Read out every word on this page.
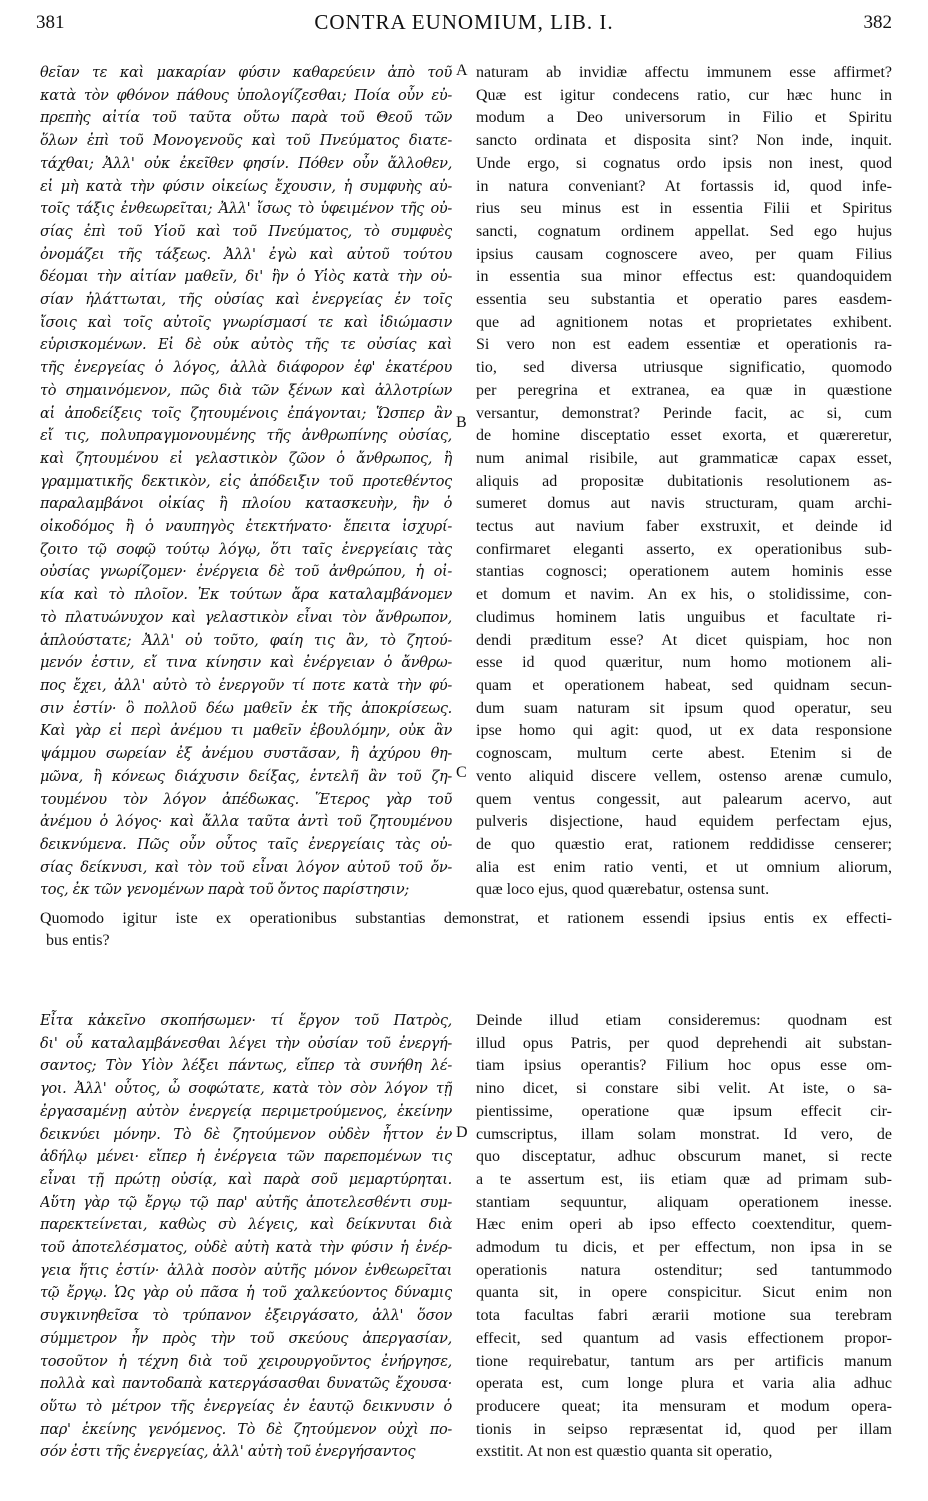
381	CONTRA EUNOMIUM, LIB. I.	382
θεῖαν τε καὶ μακαρίαν φύσιν καθαρεύειν ἀπὸ τοῦ
κατὰ τὸν φθόνον πάθους ὑπολογίζεσθαι; Ποία οὖν εὐ-
πρεπὴς αἰτία τοῦ ταῦτα οὕτω παρὰ τοῦ Θεοῦ τῶν
ὅλων ἐπὶ τοῦ Μονογενοῦς καὶ τοῦ Πνεύματος διατε-
τάχθαι; Ἀλλ' οὐκ ἐκεῖθεν φησίν. Πόθεν οὖν ἄλλοθεν,
εἰ μὴ κατὰ τὴν φύσιν οἰκείως ἔχουσιν, ἡ συμφυὴς αὐ-
τοῖς τάξις ἐνθεωρεῖται; Ἀλλ' ἴσως τὸ ὑφειμένον τῆς οὐ-
σίας ἐπὶ τοῦ Υἱοῦ καὶ τοῦ Πνεύματος, τὸ συμφυὲς
ὀνομάζει τῆς τάξεως. Ἀλλ' ἐγὼ καὶ αὐτοῦ τούτου
δέομαι τὴν αἰτίαν μαθεῖν, δι' ἣν ὁ Υἱὸς κατὰ τὴν οὐ-
σίαν ἠλάττωται, τῆς οὐσίας καὶ ἐνεργείας ἐν τοῖς
ἴσοις καὶ τοῖς αὐτοῖς γνωρίσμασί τε καὶ ἰδιώμασιν
εὑρισκομένων. Εἰ δὲ οὐκ αὐτὸς τῆς τε οὐσίας καὶ
τῆς ἐνεργείας ὁ λόγος, ἀλλὰ διάφορον ἐφ' ἑκατέρου
τὸ σημαινόμενον, πῶς διὰ τῶν ξένων καὶ ἀλλοτρίων
αἱ ἀποδείξεις τοῖς ζητουμένοις ἐπάγονται; Ὥσπερ ἂν
εἴ τις, πολυπραγμονουμένης τῆς ἀνθρωπίνης οὐσίας,
καὶ ζητουμένου εἰ γελαστικὸν ζῶον ὁ ἄνθρωπος, ἢ
γραμματικῆς δεκτικὸν, εἰς ἀπόδειξιν τοῦ προτεθέντος
παραλαμβάνοι οἰκίας ἢ πλοίου κατασκευὴν, ἣν ὁ
οἰκοδόμος ἢ ὁ ναυπηγὸς ἐτεκτήνατο· ἔπειτα ἰσχυρί-
ζοιτο τῷ σοφῷ τούτῳ λόγῳ, ὅτι ταῖς ἐνεργείαις τὰς
οὐσίας γνωρίζομεν· ἐνέργεια δὲ τοῦ ἀνθρώπου, ἡ οἰ-
κία καὶ τὸ πλοῖον. Ἐκ τούτων ἄρα καταλαμβάνομεν
τὸ πλατυώνυχον καὶ γελαστικὸν εἶναι τὸν ἄνθρωπον,
ἁπλούστατε; Ἀλλ' οὐ τοῦτο, φαίη τις ἂν, τὸ ζητού-
μενόν ἐστιν, εἴ τινα κίνησιν καὶ ἐνέργειαν ὁ ἄνθρω-
πος ἔχει, ἀλλ' αὐτὸ τὸ ἐνεργοῦν τί ποτε κατὰ τὴν φύ-
σιν ἐστίν· ὃ πολλοῦ δέω μαθεῖν ἐκ τῆς ἀποκρίσεως.
Καὶ γὰρ εἰ περὶ ἀνέμου τι μαθεῖν ἐβουλόμην, οὐκ ἂν
ψάμμου σωρείαν ἐξ ἀνέμου συστᾶσαν, ἢ ἀχύρου θη-
μῶνα, ἢ κόνεως διάχυσιν δείξας, ἐντελῆ ἂν τοῦ ζη-
τουμένου τὸν λόγον ἀπέδωκας. Ἕτερος γὰρ τοῦ
ἀνέμου ὁ λόγος· καὶ ἄλλα ταῦτα ἀντὶ τοῦ ζητουμένου
δεικνύμενα. Πῶς οὖν οὗτος ταῖς ἐνεργείαις τὰς οὐ-
σίας δείκνυσι, καὶ τὸν τοῦ εἶναι λόγον αὐτοῦ τοῦ ὄν-
τος, ἐκ τῶν γενομένων παρὰ τοῦ ὄντος παρίστησιν;
naturam ab invidiæ affectu immunem esse affirmet?
Quæ est igitur condecens ratio, cur hæc hunc in
modum a Deo universorum in Filio et Spiritu
sancto ordinata et disposita sint? Non inde, inquit.
Unde ergo, si cognatus ordo ipsis non inest, quod
in natura conveniant? At fortassis id, quod infe-
rius seu minus est in essentia Filii et Spiritus
sancti, cognatum ordinem appellat. Sed ego hujus
ipsius causam cognoscere aveo, per quam Filius
in essentia sua minor effectus est: quandoquidem
essentia seu substantia et operatio pares easdem-
que ad agnitionem notas et proprietates exhibent.
Si vero non est eadem essentiæ et operationis ra-
tio, sed diversa utriusque significatio, quomodo
per peregrina et extranea, ea quæ in quæstione
versantur, demonstrat? Perinde facit, ac si, cum
de homine disceptatio esset exorta, et quæreretur,
num animal risibile, aut grammaticæ capax esset,
aliquis ad propositæ dubitationis resolutionem as-
sumeret domus aut navis structuram, quam archi-
tectus aut navium faber exstruxit, et deinde id
confirmaret eleganti asserto, ex operationibus sub-
stantias cognosci; operationem autem hominis esse
et domum et navim. An ex his, o stolidissime, con-
cludimus hominem latis unguibus et facultate ri-
dendi præditum esse? At dicet quispiam, hoc non
esse id quod quæritur, num homo motionem ali-
quam et operationem habeat, sed quidnam secun-
dum suam naturam sit ipsum quod operatur, seu
ipse homo qui agit: quod, ut ex data responsione
cognoscam, multum certe abest. Etenim si de
vento aliquid discere vellem, ostenso arenæ cumulo,
quem ventus congessit, aut palearum acervo, aut
pulveris disjectione, haud equidem perfectam ejus,
de quo quæstio erat, rationem reddidisse censerer;
alia est enim ratio venti, et ut omnium aliorum,
quæ loco ejus, quod quærebatur, ostensa sunt.
Quomodo igitur iste ex operationibus substantias demonstrat, et rationem essendi ipsius entis ex effecti-
bus entis?
Εἶτα κἀκεῖνο σκοπήσωμεν· τί ἔργον τοῦ Πατρὸς,
δι' οὗ καταλαμβάνεσθαι λέγει τὴν οὐσίαν τοῦ ἐνεργή-
σαντος; Τὸν Υἱὸν λέξει πάντως, εἴπερ τὰ συνήθη λέ-
γοι. Ἀλλ' οὗτος, ὦ σοφώτατε, κατὰ τὸν σὸν λόγον τῇ
ἐργασαμένῃ αὐτὸν ἐνεργείᾳ περιμετρούμενος, ἐκείνην
δεικνύει μόνην. Τὸ δὲ ζητούμενον οὐδὲν ἧττον ἐν
ἀδήλῳ μένει· εἴπερ ἡ ἐνέργεια τῶν παρεπομένων τις
εἶναι τῇ πρώτῃ οὐσίᾳ, καὶ παρὰ σοῦ μεμαρτύρηται.
Αὕτη γὰρ τῷ ἔργῳ τῷ παρ' αὐτῆς ἀποτελεσθέντι συμ-
παρεκτείνεται, καθὼς σὺ λέγεις, καὶ δείκνυται διὰ
τοῦ ἀποτελέσματος, οὐδὲ αὐτὴ κατὰ τὴν φύσιν ἡ ἐνέρ-
γεια ἥτις ἐστίν· ἀλλὰ ποσὸν αὐτῆς μόνον ἐνθεωρεῖται
τῷ ἔργῳ. Ὡς γὰρ οὐ πᾶσα ἡ τοῦ χαλκεύοντος δύναμις
συγκινηθεῖσα τὸ τρύπανον ἐξειργάσατο, ἀλλ' ὅσον
σύμμετρον ἦν πρὸς τὴν τοῦ σκεύους ἀπεργασίαν,
τοσοῦτον ἡ τέχνη διὰ τοῦ χειρουργοῦντος ἐνήργησε,
πολλὰ καὶ παντοδαπὰ κατεργάσασθαι δυνατῶς ἔχουσα·
οὕτω τὸ μέτρον τῆς ἐνεργείας ἐν ἑαυτῷ δεικνυσιν ὁ
παρ' ἐκείνης γενόμενος. Τὸ δὲ ζητούμενον οὐχὶ πο-
σόν ἐστι τῆς ἐνεργείας, ἀλλ' αὐτὴ τοῦ ἐνεργήσαντος
Deinde illud etiam consideremus: quodnam est
illud opus Patris, per quod deprehendi ait substan-
tiam ipsius operantis? Filium hoc opus esse om-
nino dicet, si constare sibi velit. At iste, o sa-
pientissime, operatione quæ ipsum effecit cir-
cumscriptus, illam solam monstrat. Id vero, de
quo disceptatur, adhuc obscurum manet, si recte
a te assertum est, iis etiam quæ ad primam sub-
stantiam sequuntur, aliquam operationem inesse.
Hæc enim operi ab ipso effecto coextenditur, quem-
admodum tu dicis, et per effectum, non ipsa in se
operationis natura ostenditur; sed tantummodo
quanta sit, in opere conspicitur. Sicut enim non
tota facultas fabri ærarii motione sua terebram
effecit, sed quantum ad vasis effectionem propor-
tione requirebatur, tantum ars per artificis manum
operata est, cum longe plura et varia alia adhuc
producere queat; ita mensuram et modum opera-
tionis in seipso repræsentat id, quod per illam
exstitit. At non est quæstio quanta sit operatio,
A
B
C
D
